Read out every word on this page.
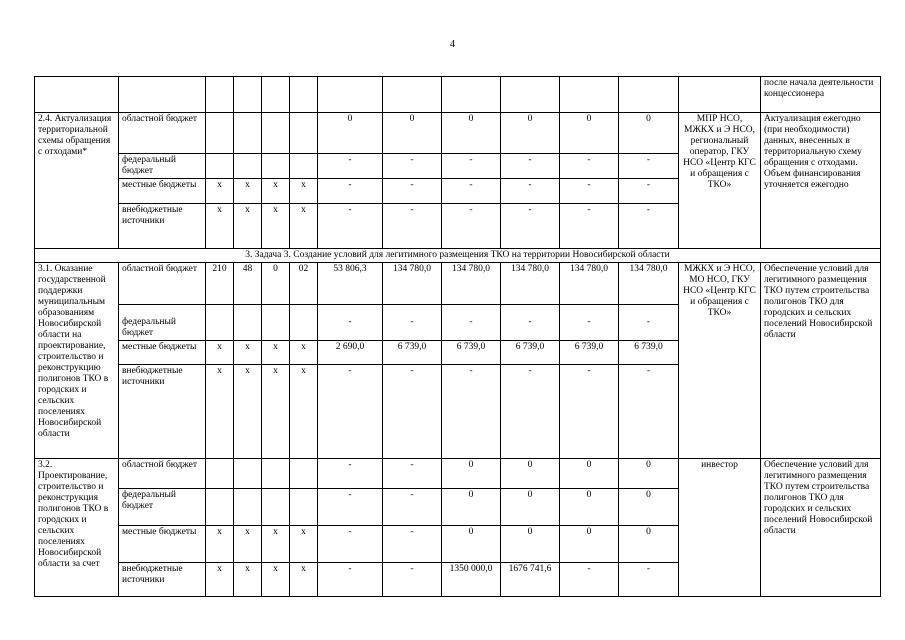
4
													после начала деятельности концессионера
2.4. Актуализация территориальной схемы обращения с отходами*	областной бюджет					0	0	0	0	0	0	МПР НСО, МЖКХ и Э НСО, региональный оператор, ГКУ НСО «Центр КГС и обращения с ТКО»	Актуализация ежегодно (при необходимости) данных, внесенных в территориальную схему обращения с отходами. Объем финансирования уточняется ежегодно
	федеральный бюджет					-	-	-	-	-	-		
	местные бюджеты	x	x	x	x	-	-	-	-	-	-		
	внебюджетные источники	x	x	x	x	-	-	-	-	-	-		
3. Задача 3. Создание условий для легитимного размещения ТКО на территории Новосибирской области													
3.1. Оказание государственной поддержки муниципальным образованиям Новосибирской области на проектирование, строительство и реконструкцию полигонов ТКО в городских и сельских поселениях Новосибирской области	областной бюджет	210	48	0	02	53 806,3	134 780,0	134 780,0	134 780,0	134 780,0	134 780,0	МЖКХ и Э НСО, МО НСО, ГКУ НСО «Центр КГС и обращения с ТКО»	Обеспечение условий для легитимного размещения ТКО путем строительства полигонов ТКО для городских и сельских поселений Новосибирской области
	федеральный бюджет					-	-	-	-	-	-		
	местные бюджеты	x	x	x	x	2 690,0	6 739,0	6 739,0	6 739,0	6 739,0	6 739,0		
	внебюджетные источники	x	x	x	x	-	-	-	-	-	-		
3.2. Проектирование, строительство и реконструкция полигонов ТКО в городских и сельских поселениях Новосибирской области за счет	областной бюджет					-	-	0	0	0	0	инвестор	Обеспечение условий для легитимного размещения ТКО путем строительства полигонов ТКО для городских и сельских поселений Новосибирской области
	федеральный бюджет					-	-	0	0	0	0		
	местные бюджеты	x	x	x	x	-	-	0	0	0	0		
	внебюджетные источники	x	x	x	x	-	-	1350 000,0	1676 741,6	-	-		
